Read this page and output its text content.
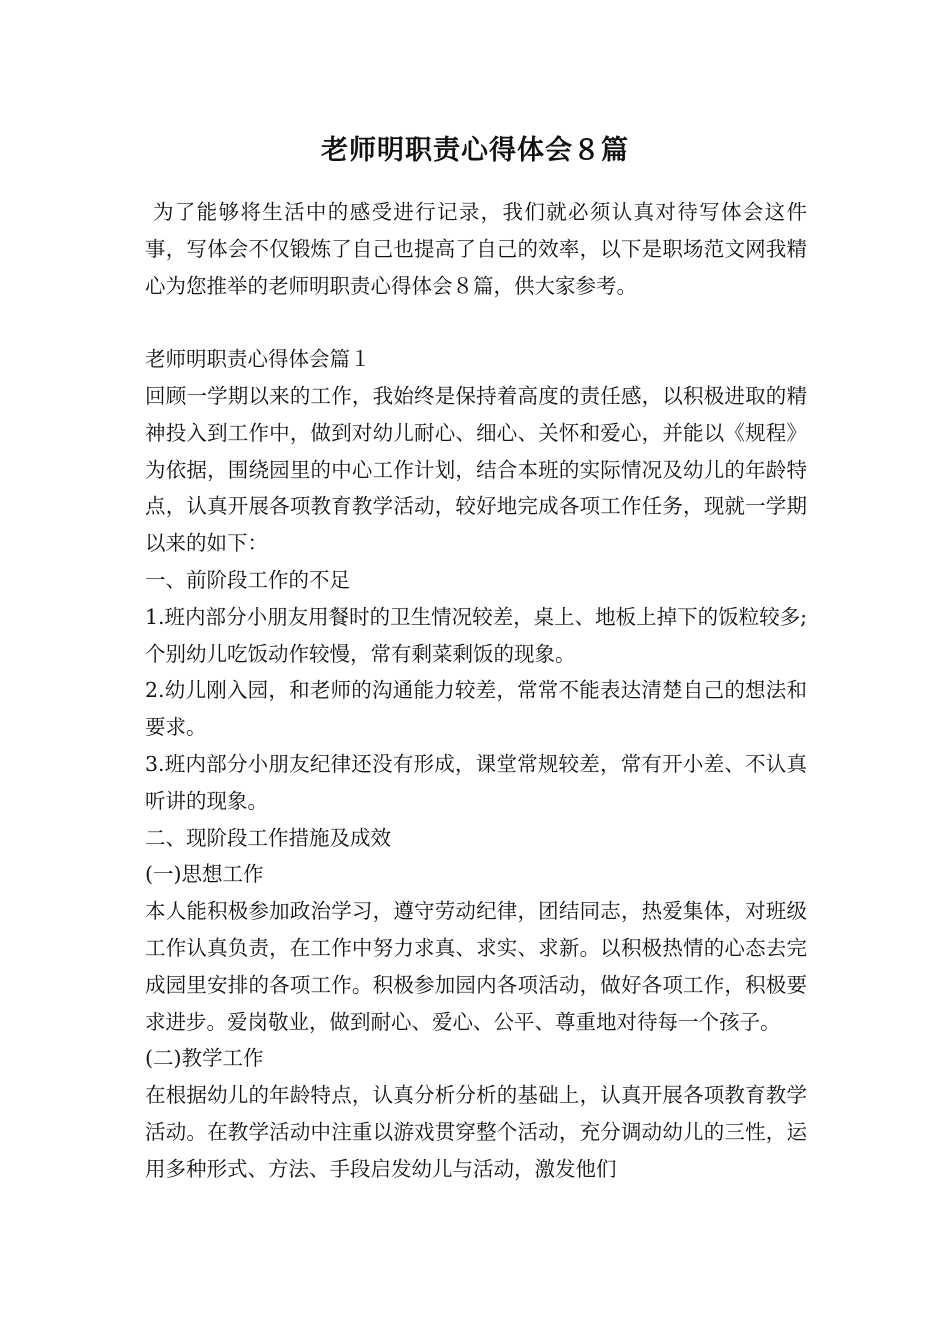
老师明职责心得体会８篇

为了能够将生活中的感受进行记录，我们就必须认真对待写体会这件事，写体会不仅锻炼了自己也提高了自己的效率，以下是职场范文网我精心为您推举的老师明职责心得体会８篇，供大家参考。

老师明职责心得体会篇１

回顾一学期以来的工作，我始终是保持着高度的责任感，以积极进取的精神投入到工作中，做到对幼儿耐心、细心、关怀和爱心，并能以《规程》为依据，围绕园里的中心工作计划，结合本班的实际情况及幼儿的年龄特点，认真开展各项教育教学活动，较好地完成各项工作任务，现就一学期以来的如下：

一、前阶段工作的不足

1.班内部分小朋友用餐时的卫生情况较差，桌上、地板上掉下的饭粒较多;个别幼儿吃饭动作较慢，常有剩菜剩饭的现象。

2.幼儿刚入园，和老师的沟通能力较差，常常不能表达清楚自己的想法和要求。

3.班内部分小朋友纪律还没有形成，课堂常规较差，常有开小差、不认真听讲的现象。

二、现阶段工作措施及成效

(一)思想工作

本人能积极参加政治学习，遵守劳动纪律，团结同志，热爱集体，对班级工作认真负责，在工作中努力求真、求实、求新。以积极热情的心态去完成园里安排的各项工作。积极参加园内各项活动，做好各项工作，积极要求进步。爱岗敬业，做到耐心、爱心、公平、尊重地对待每一个孩子。

(二)教学工作

在根据幼儿的年龄特点，认真分析分析的基础上，认真开展各项教育教学活动。在教学活动中注重以游戏贯穿整个活动，充分调动幼儿的三性，运用多种形式、方法、手段启发幼儿与活动，激发他们
